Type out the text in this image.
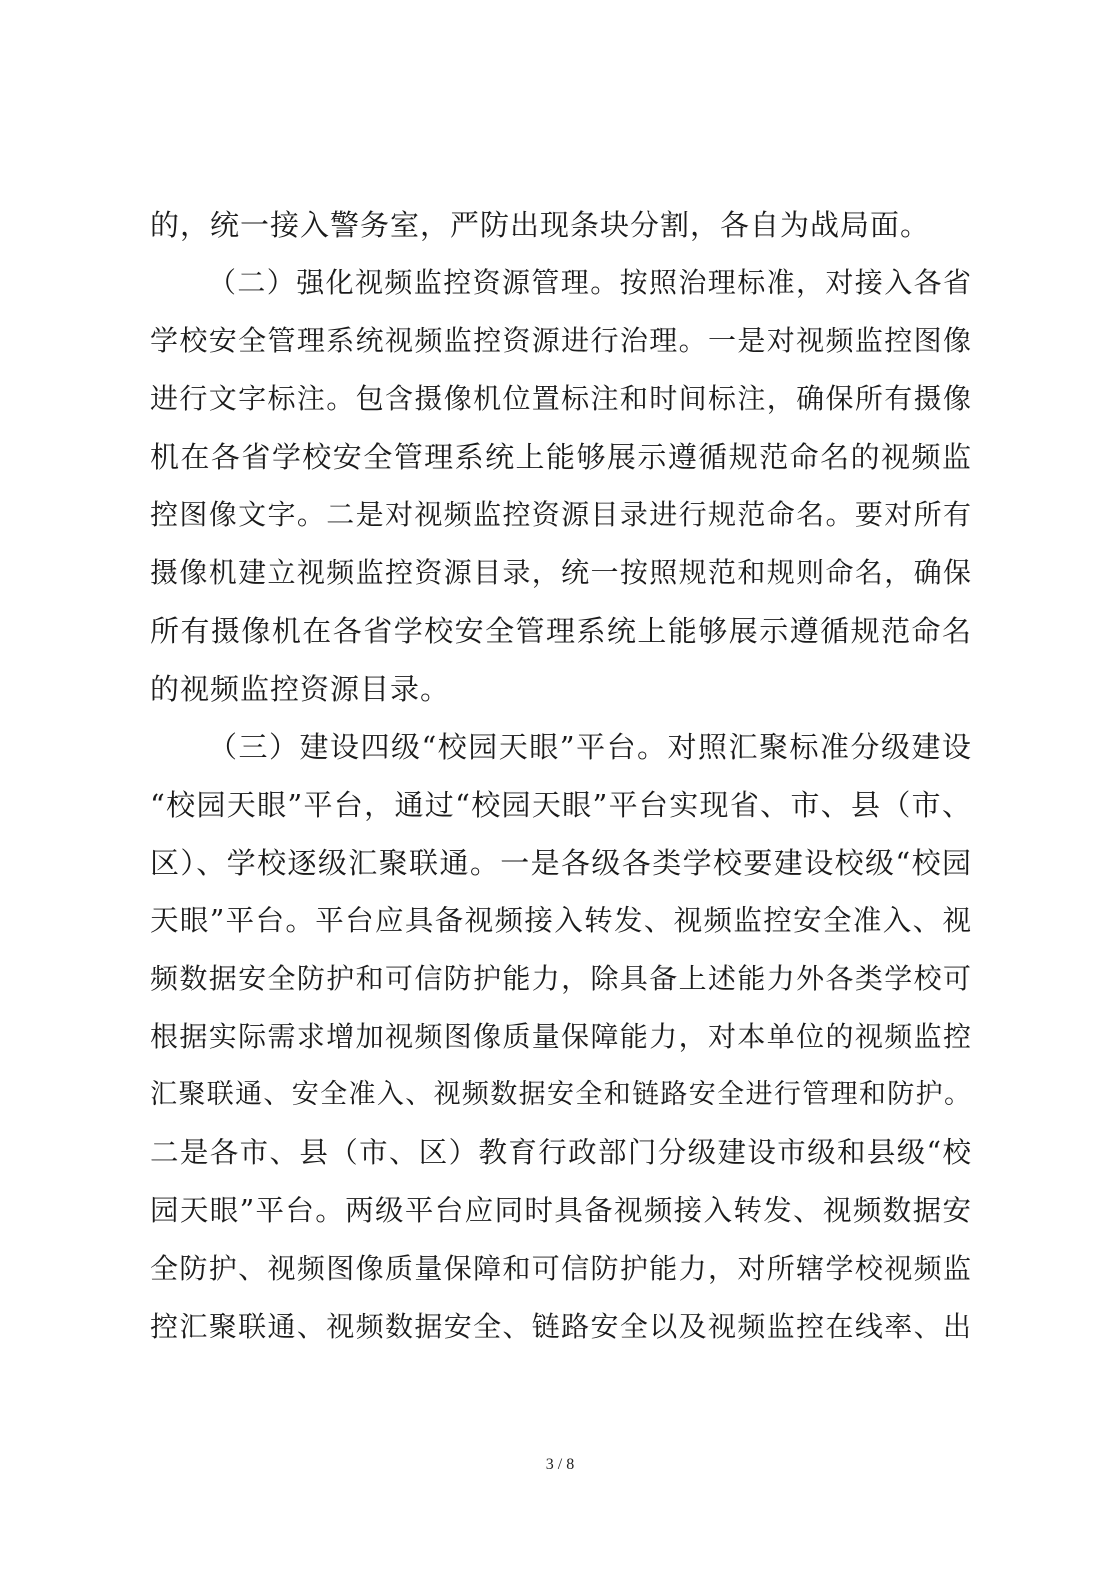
的，统一接入警务室，严防出现条块分割，各自为战局面。
（二）强化视频监控资源管理。按照治理标准，对接入各省
学校安全管理系统视频监控资源进行治理。一是对视频监控图像
进行文字标注。包含摄像机位置标注和时间标注，确保所有摄像
机在各省学校安全管理系统上能够展示遵循规范命名的视频监
控图像文字。二是对视频监控资源目录进行规范命名。要对所有
摄像机建立视频监控资源目录，统一按照规范和规则命名，确保
所有摄像机在各省学校安全管理系统上能够展示遵循规范命名
的视频监控资源目录。
（三）建设四级“校园天眼”平台。对照汇聚标准分级建设
“校园天眼”平台，通过“校园天眼”平台实现省、市、县（市、
区）、学校逐级汇聚联通。一是各级各类学校要建设校级“校园
天眼”平台。平台应具备视频接入转发、视频监控安全准入、视
频数据安全防护和可信防护能力，除具备上述能力外各类学校可
根据实际需求增加视频图像质量保障能力，对本单位的视频监控
汇聚联通、安全准入、视频数据安全和链路安全进行管理和防护。
二是各市、县（市、区）教育行政部门分级建设市级和县级“校
园天眼”平台。两级平台应同时具备视频接入转发、视频数据安
全防护、视频图像质量保障和可信防护能力，对所辖学校视频监
控汇聚联通、视频数据安全、链路安全以及视频监控在线率、出
3 / 8
